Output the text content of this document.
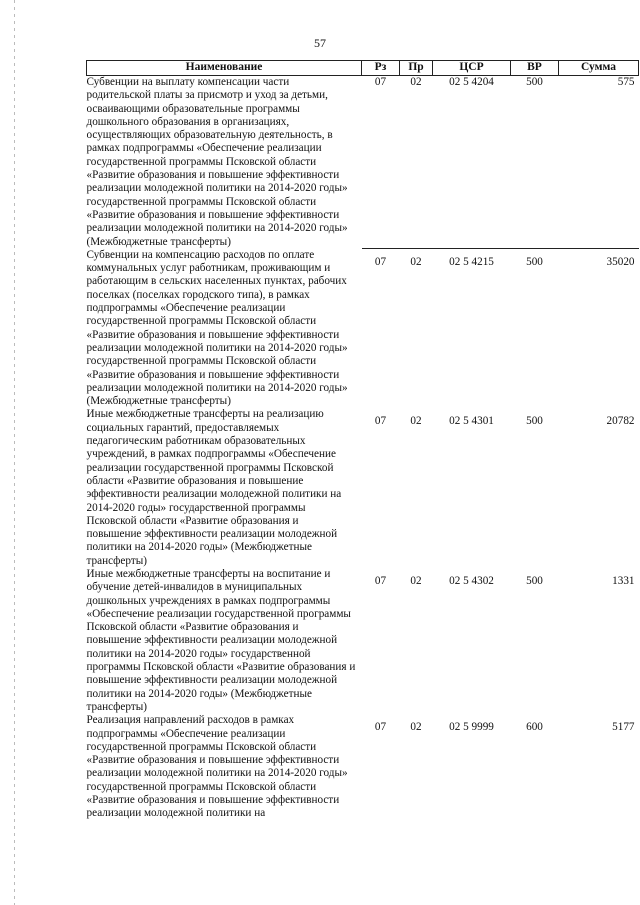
57
Наименование	Рз	Пр	ЦСР	ВР	Сумма
Субвенции на выплату компенсации части родительской платы за присмотр и уход за детьми, осваивающими образовательные программы дошкольного образования в организациях, осуществляющих образовательную деятельность, в рамках подпрограммы «Обеспечение реализации государственной программы Псковской области «Развитие образования и повышение эффективности реализации молодежной политики на 2014-2020 годы» государственной программы Псковской области «Развитие образования и повышение эффективности реализации молодежной политики на 2014-2020 годы» (Межбюджетные трансферты)	07	02	02 5 4204	500	575
Субвенции на компенсацию расходов по оплате коммунальных услуг работникам, проживающим и работающим в сельских населенных пунктах, рабочих поселках (поселках городского типа), в рамках подпрограммы «Обеспечение реализации государственной программы Псковской области «Развитие образования и повышение эффективности реализации молодежной политики на 2014-2020 годы» государственной программы Псковской области «Развитие образования и повышение эффективности реализации молодежной политики на 2014-2020 годы» (Межбюджетные трансферты)	07	02	02 5 4215	500	35020
Иные межбюджетные трансферты на реализацию социальных гарантий, предоставляемых педагогическим работникам образовательных учреждений, в рамках подпрограммы «Обеспечение реализации государственной программы Псковской области «Развитие образования и повышение эффективности реализации молодежной политики на 2014-2020 годы» государственной программы Псковской области «Развитие образования и повышение эффективности реализации молодежной политики на 2014-2020 годы» (Межбюджетные трансферты)	07	02	02 5 4301	500	20782
Иные межбюджетные трансферты на воспитание и обучение детей-инвалидов в муниципальных дошкольных учреждениях в рамках подпрограммы «Обеспечение реализации государственной программы Псковской области «Развитие образования и повышение эффективности реализации молодежной политики на 2014-2020 годы» государственной программы Псковской области «Развитие образования и повышение эффективности реализации молодежной политики на 2014-2020 годы» (Межбюджетные трансферты)	07	02	02 5 4302	500	1331
Реализация направлений расходов в рамках подпрограммы «Обеспечение реализации государственной программы Псковской области «Развитие образования и повышение эффективности реализации молодежной политики на 2014-2020 годы» государственной программы Псковской области «Развитие образования и повышение эффективности реализации молодежной политики на	07	02	02 5 9999	600	5177
